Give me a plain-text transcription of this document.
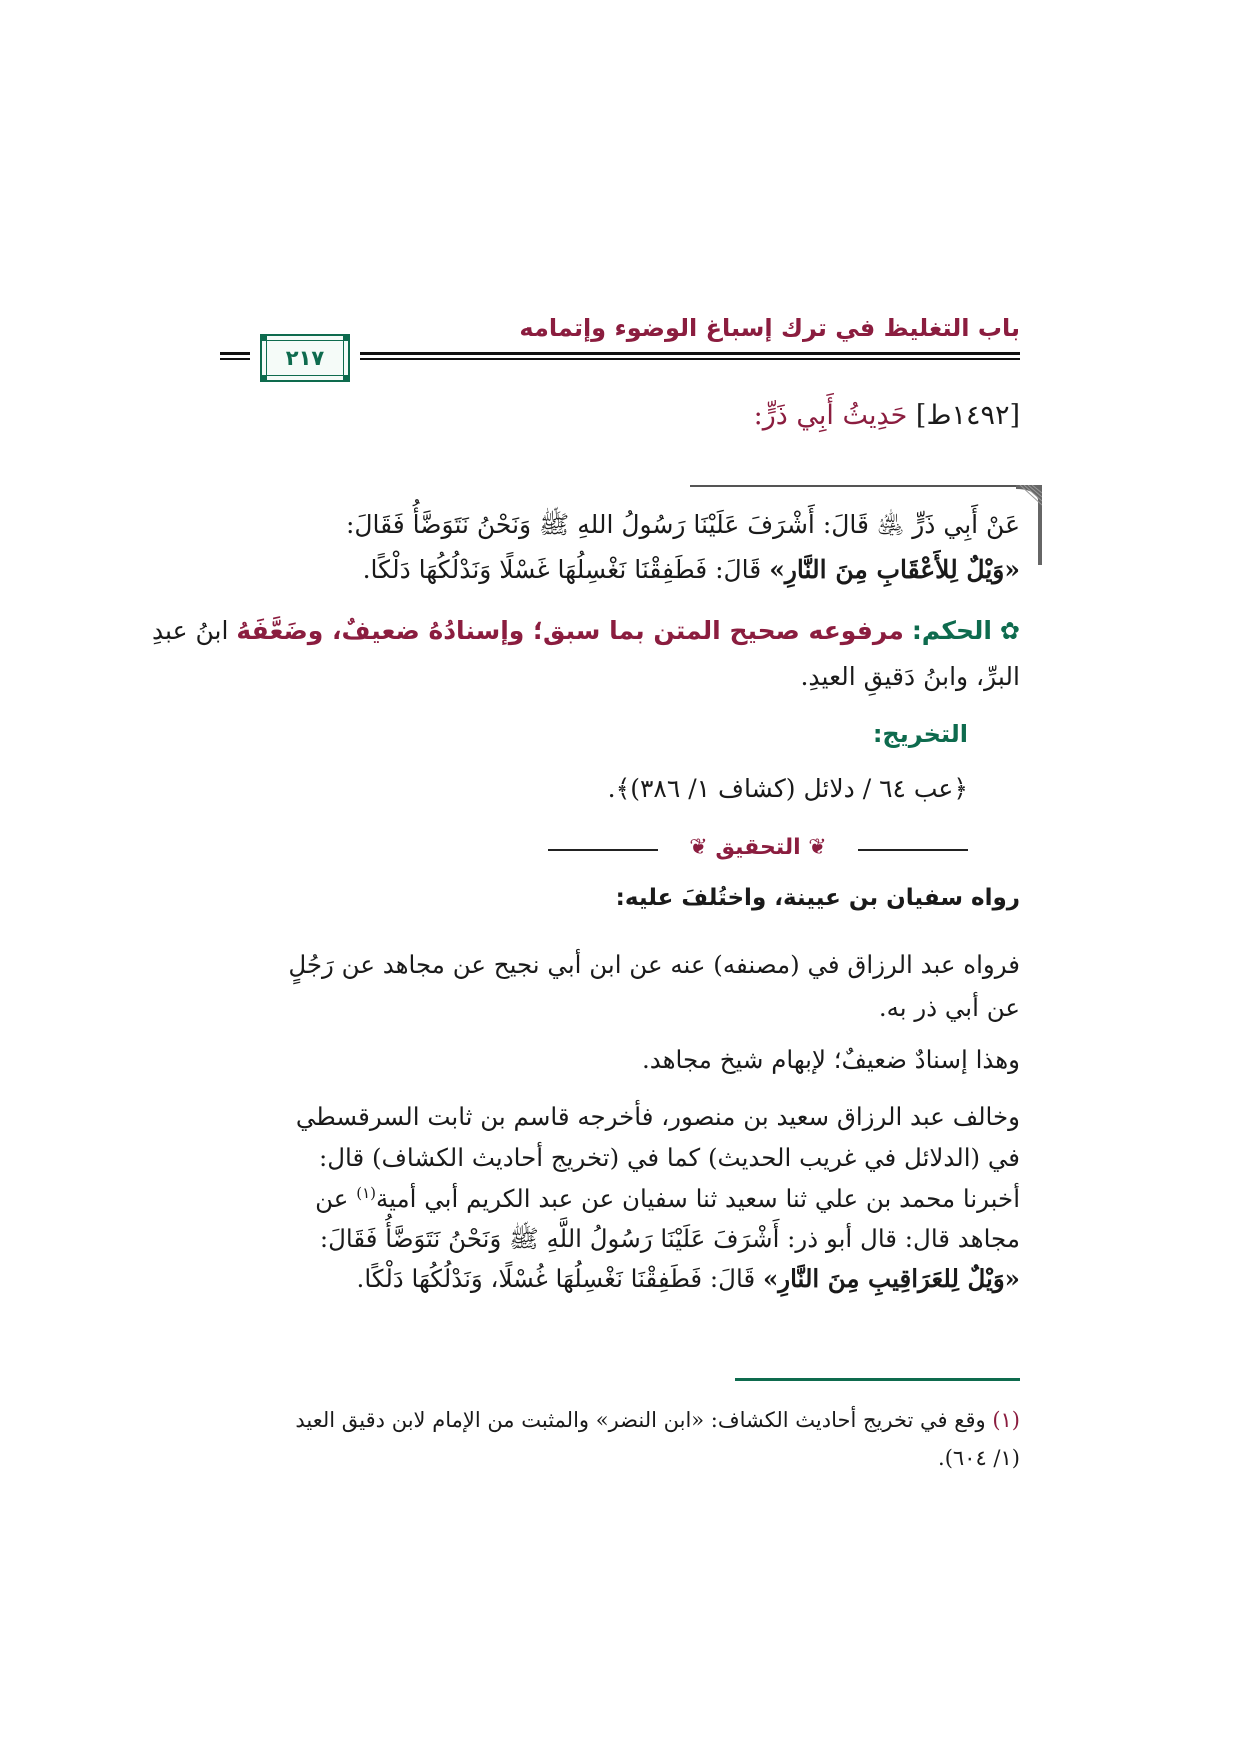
باب التغليظ في ترك إسباغ الوضوء وإتمامه
٢١٧
[١٤٩٢ط] حَدِيثُ أَبِي ذَرٍّ:
عَنْ أَبِي ذَرٍّ ﵁ قَالَ: أَشْرَفَ عَلَيْنَا رَسُولُ اللهِ ﷺ وَنَحْنُ نَتَوَضَّأُ فَقَالَ:
«وَيْلٌ لِلأَعْقَابِ مِنَ النَّارِ» قَالَ: فَطَفِقْنَا نَغْسِلُهَا غَسْلًا وَنَدْلُكُهَا دَلْكًا.
✿ الحكم: مرفوعه صحيح المتن بما سبق؛ وإسنادُهُ ضعيفٌ، وضَعَّفَهُ ابنُ عبدِ
البرِّ، وابنُ دَقيقِ العيدِ.
التخريج:
﴿عب ٦٤ / دلائل (كشاف ١/ ٣٨٦)﴾.
❦ التحقيق ❦
رواه سفيان بن عيينة، واختُلفَ عليه:
فرواه عبد الرزاق في (مصنفه) عنه عن ابن أبي نجيح عن مجاهد عن رَجُلٍ
عن أبي ذر به.
وهذا إسنادٌ ضعيفٌ؛ لإبهام شيخ مجاهد.
وخالف عبد الرزاق سعيد بن منصور، فأخرجه قاسم بن ثابت السرقسطي
في (الدلائل في غريب الحديث) كما في (تخريج أحاديث الكشاف) قال:
أخبرنا محمد بن علي ثنا سعيد ثنا سفيان عن عبد الكريم أبي أمية$^{(١)}$ عن
مجاهد قال: قال أبو ذر: أَشْرَفَ عَلَيْنَا رَسُولُ اللَّهِ ﷺ وَنَحْنُ نَتَوَضَّأُ فَقَالَ:
«وَيْلٌ لِلعَرَاقِيبِ مِنَ النَّارِ» قَالَ: فَطَفِقْنَا نَغْسِلُهَا غُسْلًا، وَنَدْلُكُهَا دَلْكًا.
(١) وقع في تخريج أحاديث الكشاف: «ابن النضر» والمثبت من الإمام لابن دقيق العيد
(١/ ٦٠٤).
